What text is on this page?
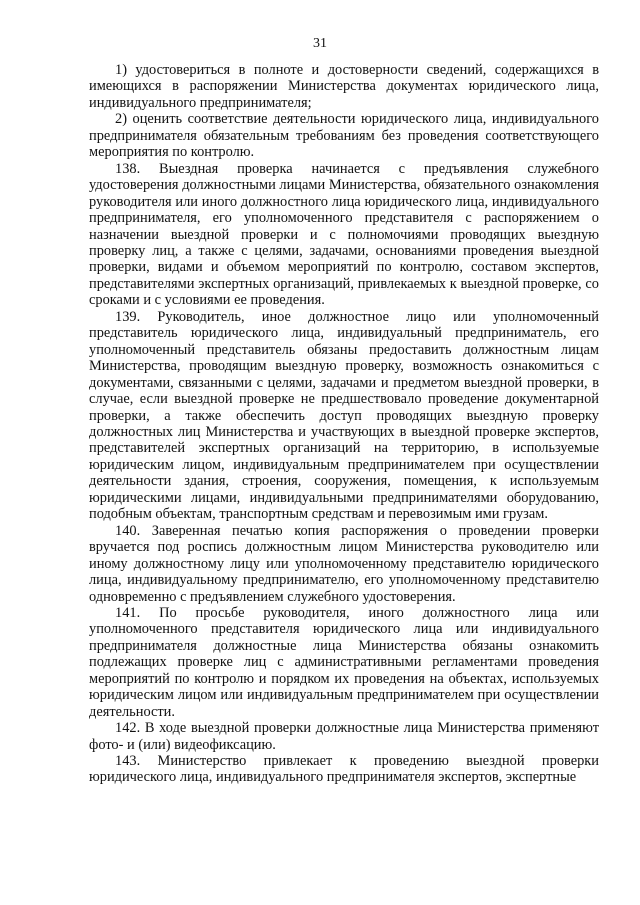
31

1) удостовериться в полноте и достоверности сведений, содержащихся в имеющихся в распоряжении Министерства документах юридического лица, индивидуального предпринимателя;

2) оценить соответствие деятельности юридического лица, индивидуального предпринимателя обязательным требованиям без проведения соответствующего мероприятия по контролю.

138. Выездная проверка начинается с предъявления служебного удостоверения должностными лицами Министерства, обязательного ознакомления руководителя или иного должностного лица юридического лица, индивидуального предпринимателя, его уполномоченного представителя с распоряжением о назначении выездной проверки и с полномочиями проводящих выездную проверку лиц, а также с целями, задачами, основаниями проведения выездной проверки, видами и объемом мероприятий по контролю, составом экспертов, представителями экспертных организаций, привлекаемых к выездной проверке, со сроками и с условиями ее проведения.

139. Руководитель, иное должностное лицо или уполномоченный представитель юридического лица, индивидуальный предприниматель, его уполномоченный представитель обязаны предоставить должностным лицам Министерства, проводящим выездную проверку, возможность ознакомиться с документами, связанными с целями, задачами и предметом выездной проверки, в случае, если выездной проверке не предшествовало проведение документарной проверки, а также обеспечить доступ проводящих выездную проверку должностных лиц Министерства и участвующих в выездной проверке экспертов, представителей экспертных организаций на территорию, в используемые юридическим лицом, индивидуальным предпринимателем при осуществлении деятельности здания, строения, сооружения, помещения, к используемым юридическими лицами, индивидуальными предпринимателями оборудованию, подобным объектам, транспортным средствам и перевозимым ими грузам.

140. Заверенная печатью копия распоряжения о проведении проверки вручается под роспись должностным лицом Министерства руководителю или иному должностному лицу или уполномоченному представителю юридического лица, индивидуальному предпринимателю, его уполномоченному представителю одновременно с предъявлением служебного удостоверения.

141. По просьбе руководителя, иного должностного лица или уполномоченного представителя юридического лица или индивидуального предпринимателя должностные лица Министерства обязаны ознакомить подлежащих проверке лиц с административными регламентами проведения мероприятий по контролю и порядком их проведения на объектах, используемых юридическим лицом или индивидуальным предпринимателем при осуществлении деятельности.

142. В ходе выездной проверки должностные лица Министерства применяют фото- и (или) видеофиксацию.

143. Министерство привлекает к проведению выездной проверки юридического лица, индивидуального предпринимателя экспертов, экспертные
